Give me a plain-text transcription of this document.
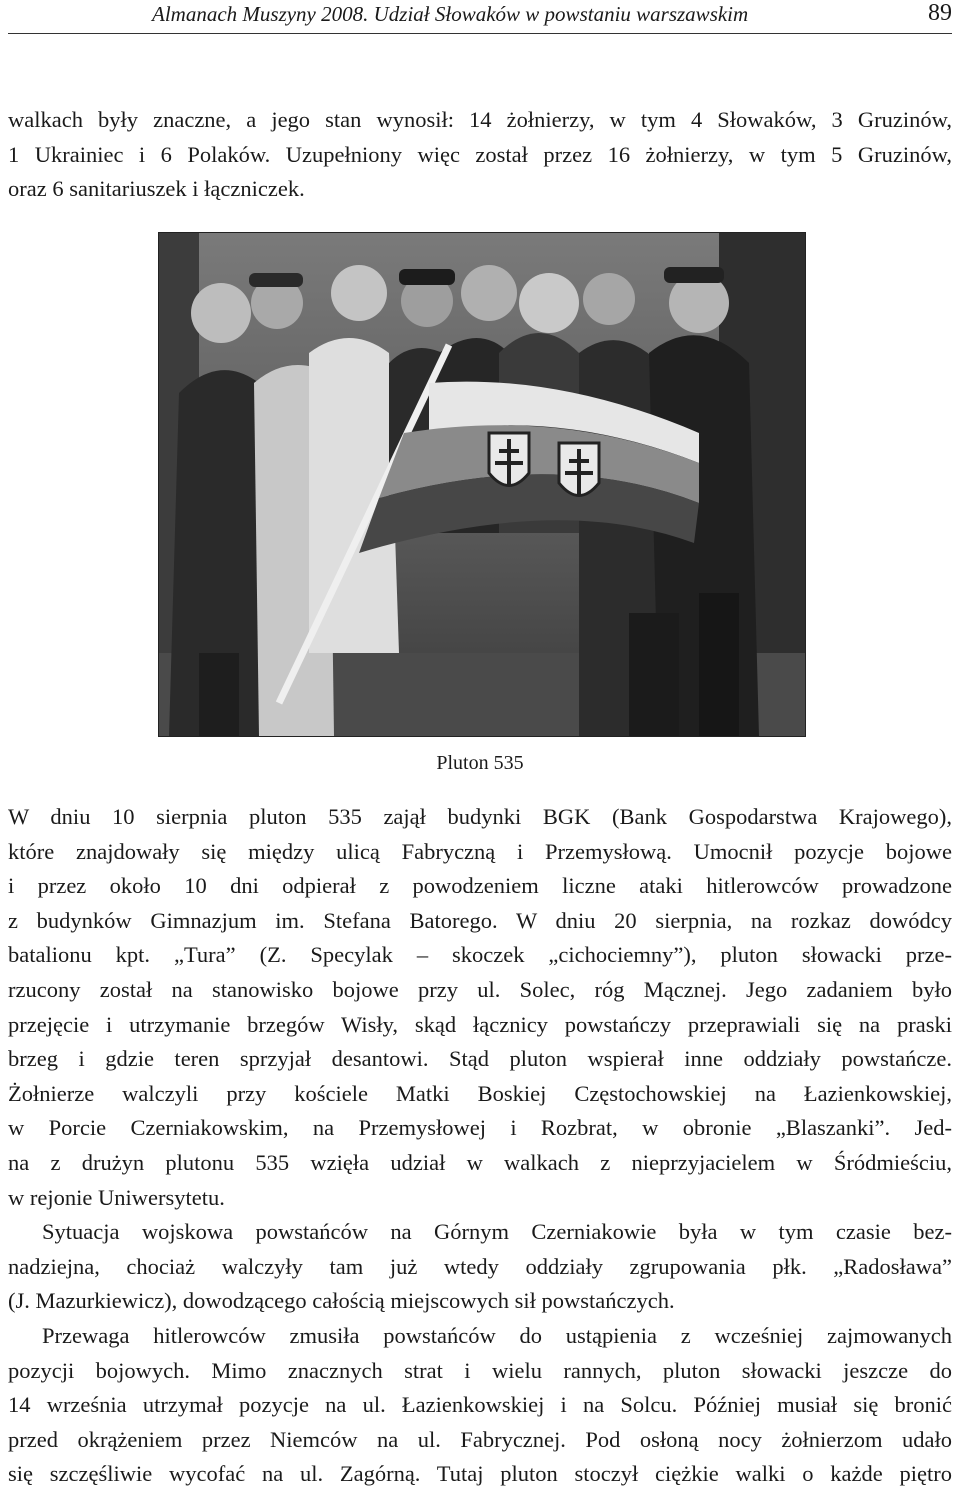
Almanach Muszyny 2008. Udział Słowaków w powstaniu warszawskim	89
walkach były znaczne, a jego stan wynosił: 14 żołnierzy, w tym 4 Słowaków, 3 Gruzinów,
1 Ukrainiec i 6 Polaków. Uzupełniony więc został przez 16 żołnierzy, w tym 5 Gruzinów,
oraz 6 sanitariuszek i łączniczek.
Pluton 535
W dniu 10 sierpnia pluton 535 zajął budynki BGK (Bank Gospodarstwa Krajowego),
które znajdowały się między ulicą Fabryczną i Przemysłową. Umocnił pozycje bojowe
i przez około 10 dni odpierał z powodzeniem liczne ataki hitlerowców prowadzone
z budynków Gimnazjum im. Stefana Batorego. W dniu 20 sierpnia, na rozkaz dowódcy
batalionu kpt. „Tura” (Z. Specylak – skoczek „cichociemny”), pluton słowacki prze-
rzucony został na stanowisko bojowe przy ul. Solec, róg Mącznej. Jego zadaniem było
przejęcie i utrzymanie brzegów Wisły, skąd łącznicy powstańczy przeprawiali się na praski
brzeg i gdzie teren sprzyjał desantowi. Stąd pluton wspierał inne oddziały powstańcze.
Żołnierze walczyli przy kościele Matki Boskiej Częstochowskiej na Łazienkowskiej,
w Porcie Czerniakowskim, na Przemysłowej i Rozbrat, w obronie „Blaszanki”. Jed-
na z drużyn plutonu 535 wzięła udział w walkach z nieprzyjacielem w Śródmieściu,
w rejonie Uniwersytetu.
Sytuacja wojskowa powstańców na Górnym Czerniakowie była w tym czasie bez-
nadziejna, chociaż walczyły tam już wtedy oddziały zgrupowania płk. „Radosława”
(J. Mazurkiewicz), dowodzącego całością miejscowych sił powstańczych.
Przewaga hitlerowców zmusiła powstańców do ustąpienia z wcześniej zajmowanych
pozycji bojowych. Mimo znacznych strat i wielu rannych, pluton słowacki jeszcze do
14 września utrzymał pozycje na ul. Łazienkowskiej i na Solcu. Później musiał się bronić
przed okrążeniem przez Niemców na ul. Fabrycznej. Pod osłoną nocy żołnierzom udało
się szczęśliwie wycofać na ul. Zagórną. Tutaj pluton stoczył ciężkie walki o każde piętro
